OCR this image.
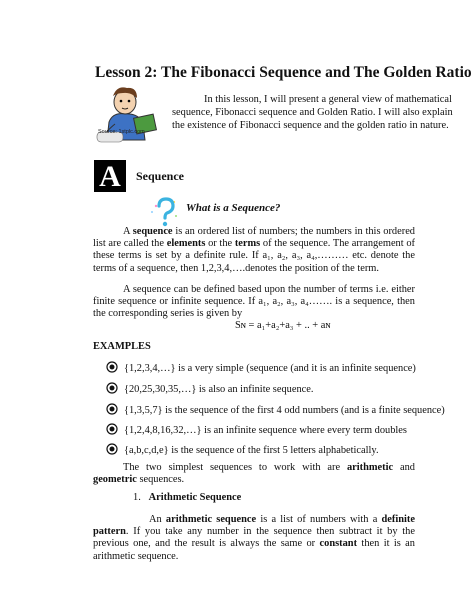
Lesson 2: The Fibonacci Sequence and The Golden Ratio
Source: 1stplc.com
In this lesson, I will present a general view of mathematical sequence, Fibonacci sequence and Golden Ratio. I will also explain the existence of Fibonacci sequence and the golden ratio in nature.
A	Sequence
What is a Sequence?
A sequence is an ordered list of numbers; the numbers in this ordered list are called the elements or the terms of the sequence. The arrangement of these terms is set by a definite rule. If a₁, a₂, a₃, a₄,……… etc. denote the terms of a sequence, then 1,2,3,4,….denotes the position of the term.
A sequence can be defined based upon the number of terms i.e. either finite sequence or infinite sequence. If a₁, a₂, a₃, a₄……. is a sequence, then the corresponding series is given by
Sɴ = a₁+a₂+a₃ + .. + aɴ
EXAMPLES
{1,2,3,4,…} is a very simple (sequence (and it is an infinite sequence)
{20,25,30,35,…} is also an infinite sequence.
{1,3,5,7} is the sequence of the first 4 odd numbers (and is a finite sequence)
{1,2,4,8,16,32,…} is an infinite sequence where every term doubles
{a,b,c,d,e} is the sequence of the first 5 letters alphabetically.
The two simplest sequences to work with are arithmetic and geometric sequences.
1. Arithmetic Sequence
An arithmetic sequence is a list of numbers with a definite pattern. If you take any number in the sequence then subtract it by the previous one, and the result is always the same or constant then it is an arithmetic sequence.
